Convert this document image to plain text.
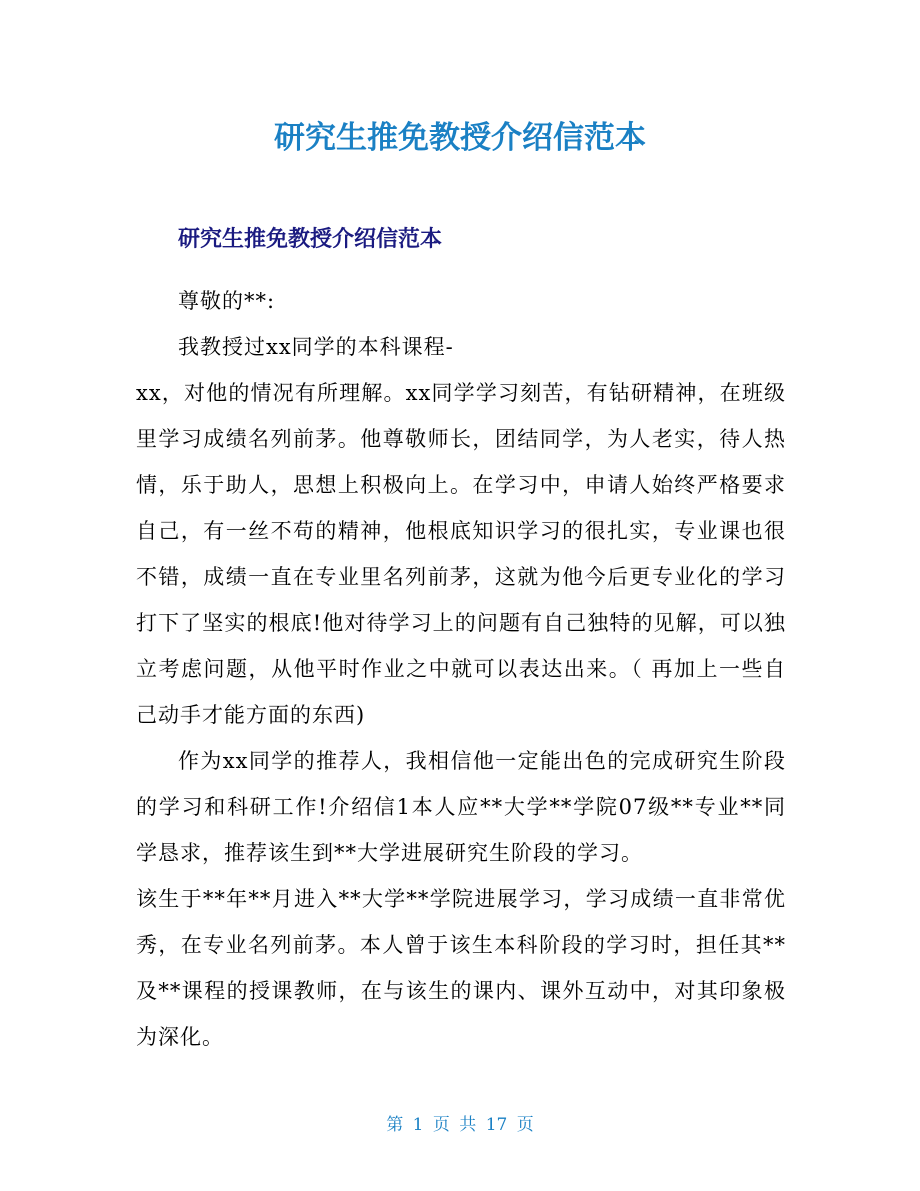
研究生推免教授介绍信范本
研究生推免教授介绍信范本

尊敬的**:

我教授过xx同学的本科课程-

xx，对他的情况有所理解。xx同学学习刻苦，有钻研精神，在班级里学习成绩名列前茅。他尊敬师长，团结同学，为人老实，待人热情，乐于助人，思想上积极向上。在学习中，申请人始终严格要求自己，有一丝不苟的精神，他根底知识学习的很扎实，专业课也很不错，成绩一直在专业里名列前茅，这就为他今后更专业化的学习打下了坚实的根底!他对待学习上的问题有自己独特的见解，可以独立考虑问题，从他平时作业之中就可以表达出来。（ 再加上一些自己动手才能方面的东西)

作为xx同学的推荐人，我相信他一定能出色的完成研究生阶段的学习和科研工作!介绍信1本人应**大学**学院07级**专业**同学恳求，推荐该生到**大学进展研究生阶段的学习。

该生于**年**月进入**大学**学院进展学习，学习成绩一直非常优秀，在专业名列前茅。本人曾于该生本科阶段的学习时，担任其**及**课程的授课教师，在与该生的课内、课外互动中，对其印象极为深化。

第 1 页 共 17 页
